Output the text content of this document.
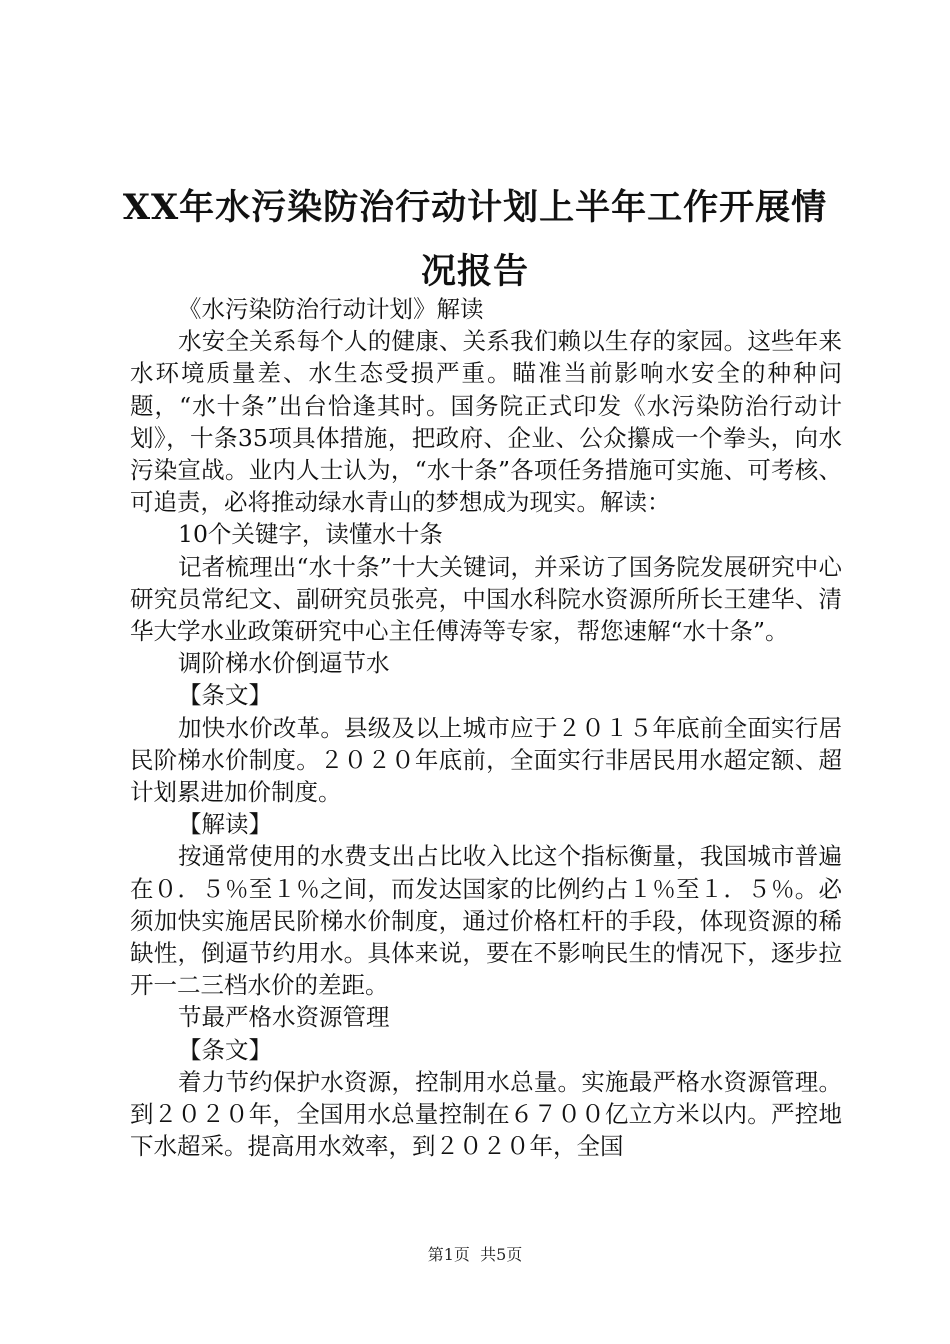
XX年水污染防治行动计划上半年工作开展情况报告

《水污染防治行动计划》解读

水安全关系每个人的健康、关系我们赖以生存的家园。这些年来水环境质量差、水生态受损严重。瞄准当前影响水安全的种种问题，“水十条”出台恰逢其时。国务院正式印发《水污染防治行动计划》，十条35项具体措施，把政府、企业、公众攥成一个拳头，向水污染宣战。业内人士认为，“水十条”各项任务措施可实施、可考核、可追责，必将推动绿水青山的梦想成为现实。解读：

10个关键字，读懂水十条

记者梳理出“水十条”十大关键词，并采访了国务院发展研究中心研究员常纪文、副研究员张亮，中国水科院水资源所所长王建华、清华大学水业政策研究中心主任傅涛等专家，帮您速解“水十条”。

调阶梯水价倒逼节水

【条文】

加快水价改革。县级及以上城市应于２０１５年底前全面实行居民阶梯水价制度。２０２０年底前，全面实行非居民用水超定额、超计划累进加价制度。

【解读】

按通常使用的水费支出占比收入比这个指标衡量，我国城市普遍在０．５％至１％之间，而发达国家的比例约占１％至１．５％。必须加快实施居民阶梯水价制度，通过价格杠杆的手段，体现资源的稀缺性，倒逼节约用水。具体来说，要在不影响民生的情况下，逐步拉开一二三档水价的差距。

节最严格水资源管理

【条文】

着力节约保护水资源，控制用水总量。实施最严格水资源管理。到２０２０年，全国用水总量控制在６７００亿立方米以内。严控地下水超采。提高用水效率，到２０２０年，全国

第1页 共5页
